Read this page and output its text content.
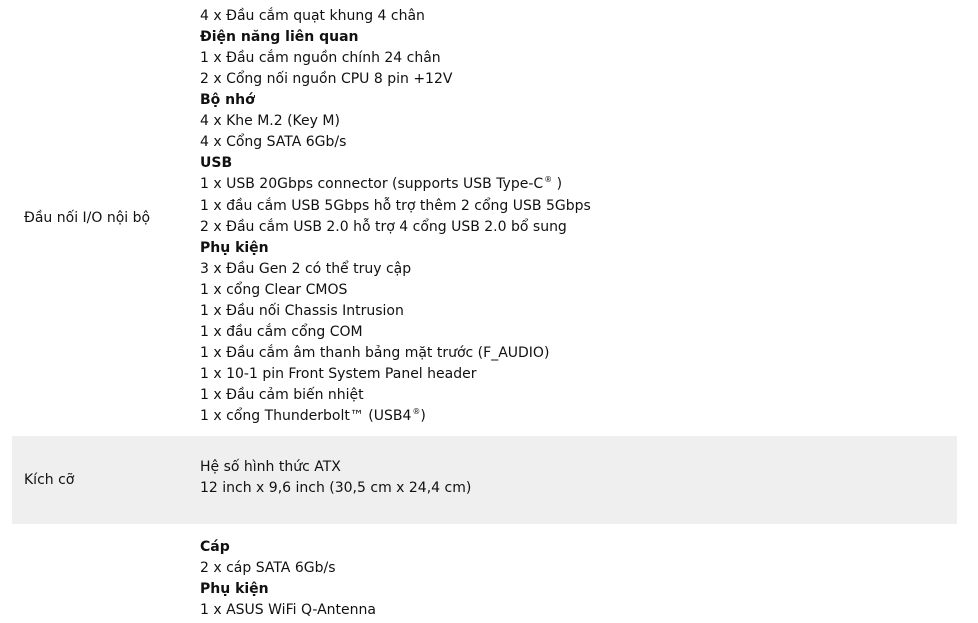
Đầu nối I/O nội bộ
4 x Đầu cắm quạt khung 4 chân
Điện năng liên quan
1 x Đầu cắm nguồn chính 24 chân
2 x Cổng nối nguồn CPU 8 pin +12V
Bộ nhớ
4 x Khe M.2 (Key M)
4 x Cổng SATA 6Gb/s
USB
1 x USB 20Gbps connector (supports USB Type-C® )
1 x đầu cắm USB 5Gbps hỗ trợ thêm 2 cổng USB 5Gbps
2 x Đầu cắm USB 2.0 hỗ trợ 4 cổng USB 2.0 bổ sung
Phụ kiện
3 x Đầu Gen 2 có thể truy cập
1 x cổng Clear CMOS
1 x Đầu nối Chassis Intrusion
1 x đầu cắm cổng COM
1 x Đầu cắm âm thanh bảng mặt trước (F_AUDIO)
1 x 10-1 pin Front System Panel header
1 x Đầu cảm biến nhiệt
1 x cổng Thunderbolt™ (USB4®)
Kích cỡ
Hệ số hình thức ATX
12 inch x 9,6 inch (30,5 cm x 24,4 cm)
Cáp
2 x cáp SATA 6Gb/s
Phụ kiện
1 x ASUS WiFi Q-Antenna
